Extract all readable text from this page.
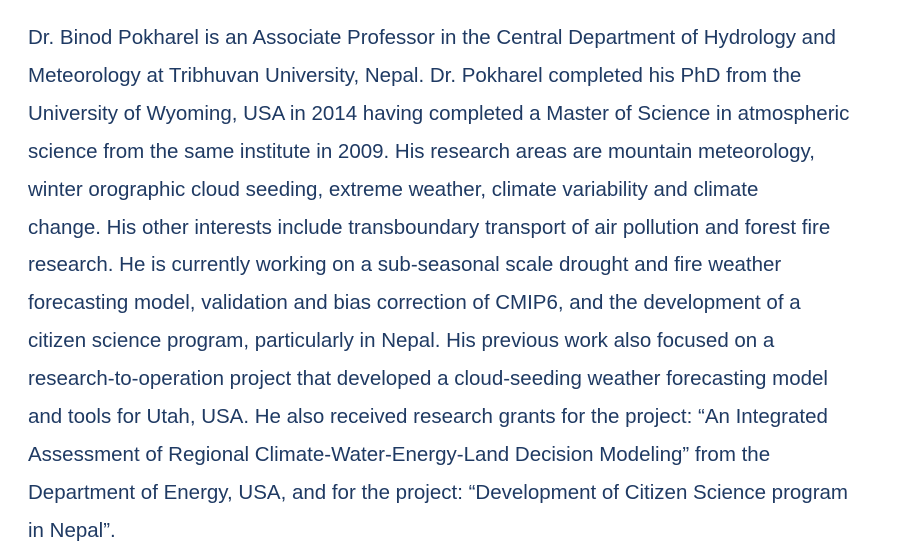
Dr. Binod Pokharel is an Associate Professor in the Central Department of Hydrology and
Meteorology at Tribhuvan University, Nepal. Dr. Pokharel completed his PhD from the
University of Wyoming, USA in 2014 having completed a Master of Science in atmospheric
science from the same institute in 2009. His research areas are mountain meteorology,
winter orographic cloud seeding, extreme weather, climate variability and climate
change. His other interests include transboundary transport of air pollution and forest fire
research. He is currently working on a sub-seasonal scale drought and fire weather
forecasting model, validation and bias correction of CMIP6, and the development of a
citizen science program, particularly in Nepal. His previous work also focused on a
research-to-operation project that developed a cloud-seeding weather forecasting model
and tools for Utah, USA. He also received research grants for the project: “An Integrated
Assessment of Regional Climate-Water-Energy-Land Decision Modeling” from the
Department of Energy, USA, and for the project: “Development of Citizen Science program
in Nepal”.
